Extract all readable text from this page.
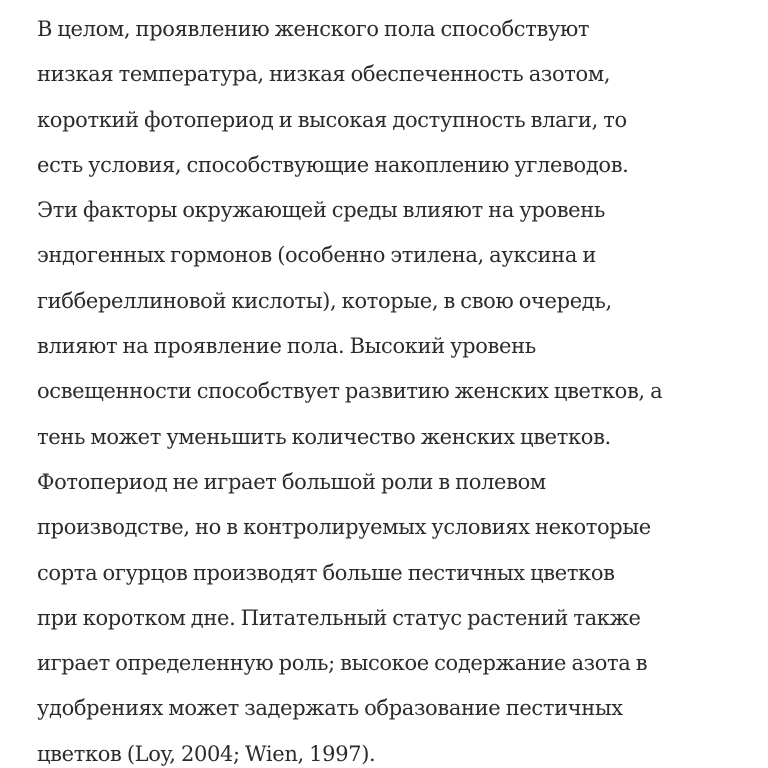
В целом, проявлению женского пола способствуют
низкая температура, низкая обеспеченность азотом,
короткий фотопериод и высокая доступность влаги, то
есть условия, способствующие накоплению углеводов.
Эти факторы окружающей среды влияют на уровень
эндогенных гормонов (особенно этилена, ауксина и
гиббереллиновой кислоты), которые, в свою очередь,
влияют на проявление пола. Высокий уровень
освещенности способствует развитию женских цветков, а
тень может уменьшить количество женских цветков.
Фотопериод не играет большой роли в полевом
производстве, но в контролируемых условиях некоторые
сорта огурцов производят больше пестичных цветков
при коротком дне. Питательный статус растений также
играет определенную роль; высокое содержание азота в
удобрениях может задержать образование пестичных
цветков (Loy, 2004; Wien, 1997).
